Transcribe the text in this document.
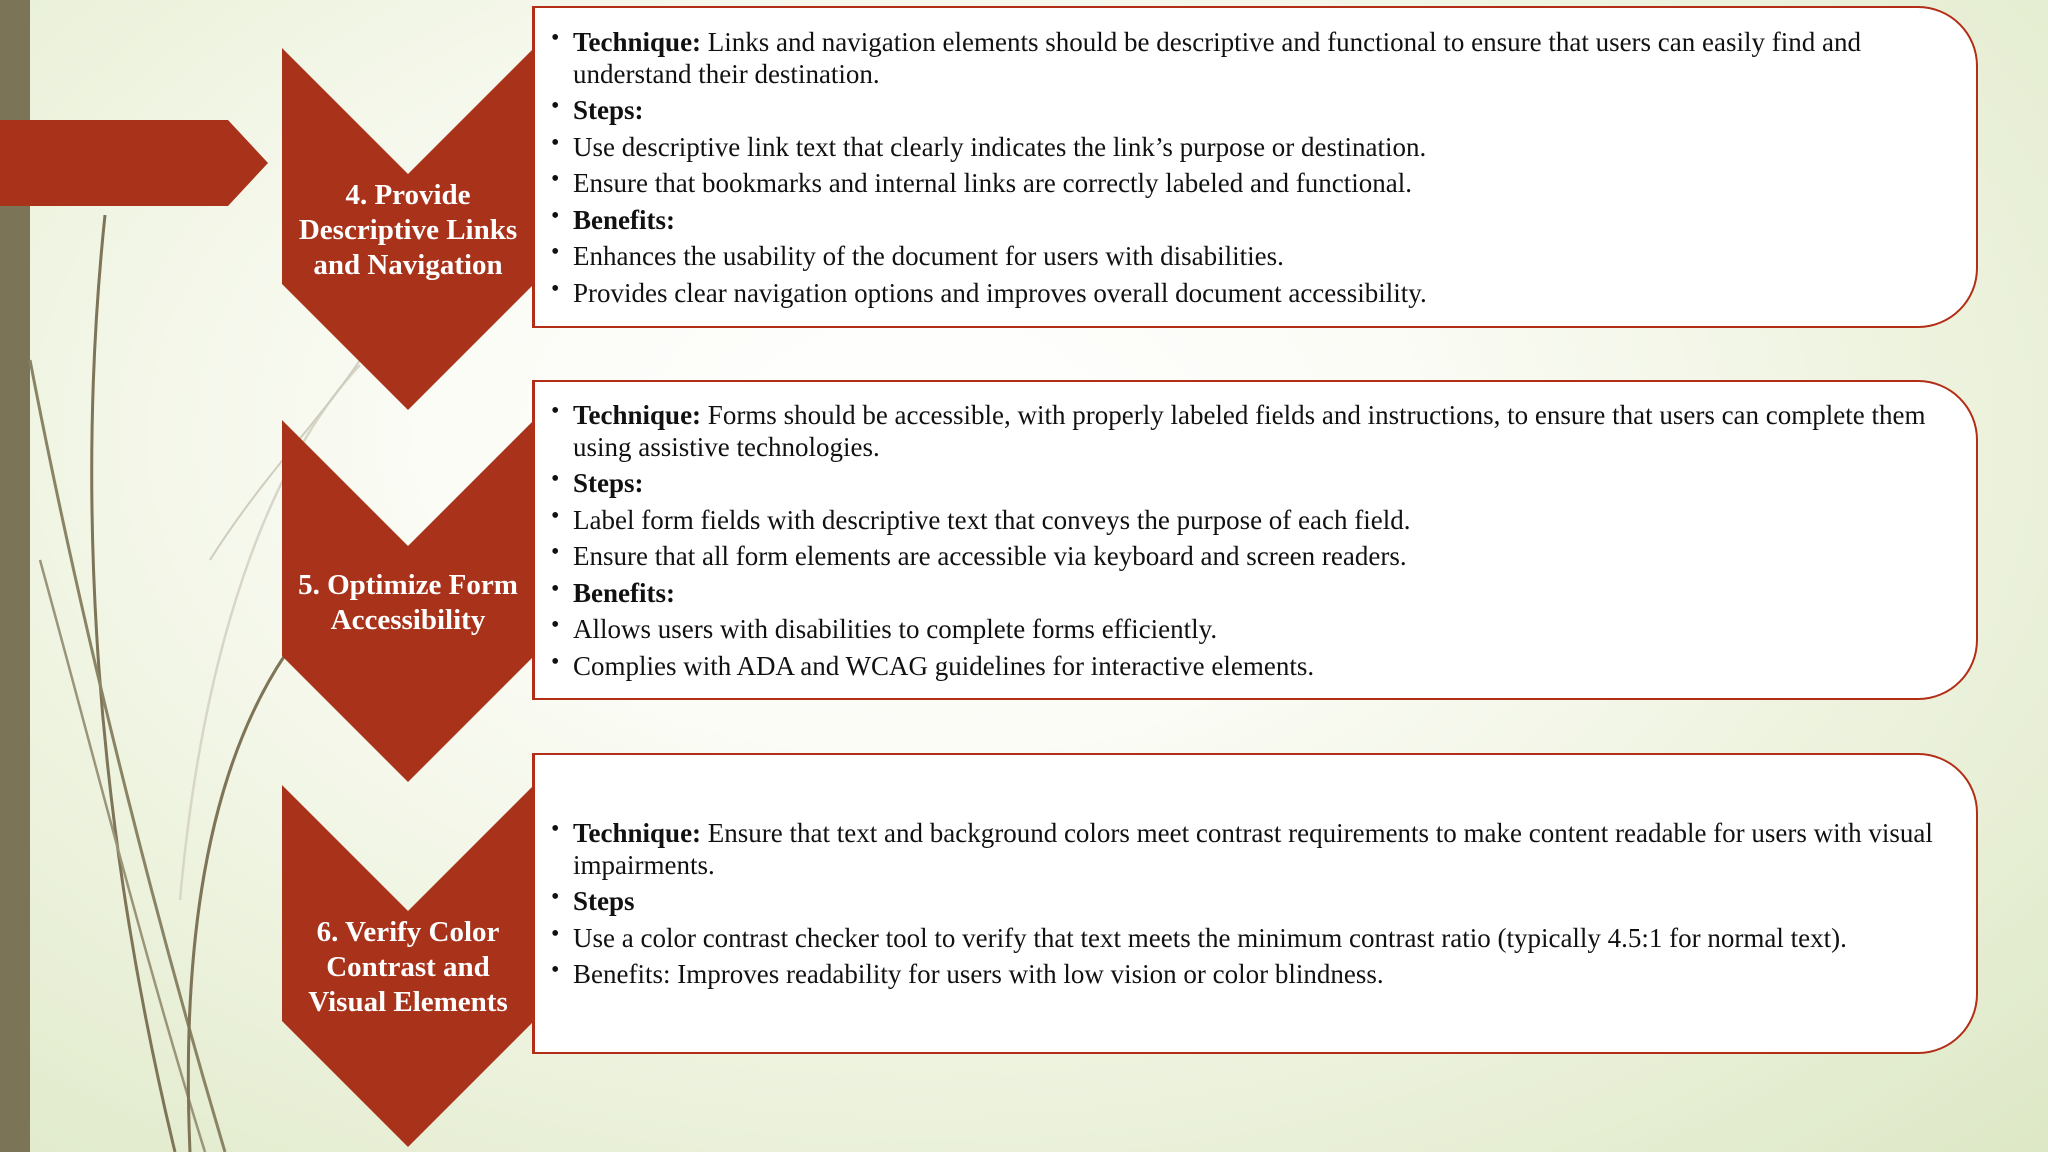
4. Provide
Descriptive Links
and Navigation
5. Optimize Form
Accessibility
6. Verify Color
Contrast and
Visual Elements
• Technique: Links and navigation elements should be descriptive and functional to ensure that users can easily find and understand their destination.
• Steps:
• Use descriptive link text that clearly indicates the link’s purpose or destination.
• Ensure that bookmarks and internal links are correctly labeled and functional.
• Benefits:
• Enhances the usability of the document for users with disabilities.
• Provides clear navigation options and improves overall document accessibility.
• Technique: Forms should be accessible, with properly labeled fields and instructions, to ensure that users can complete them using assistive technologies.
• Steps:
• Label form fields with descriptive text that conveys the purpose of each field.
• Ensure that all form elements are accessible via keyboard and screen readers.
• Benefits:
• Allows users with disabilities to complete forms efficiently.
• Complies with ADA and WCAG guidelines for interactive elements.
• Technique: Ensure that text and background colors meet contrast requirements to make content readable for users with visual impairments.
• Steps
• Use a color contrast checker tool to verify that text meets the minimum contrast ratio (typically 4.5:1 for normal text).
• Benefits: Improves readability for users with low vision or color blindness.
